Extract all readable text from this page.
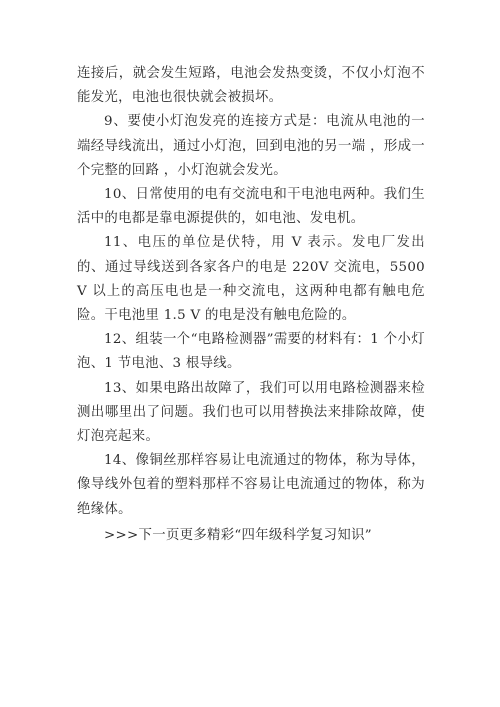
连接后，就会发生短路，电池会发热变烫，不仅小灯泡不能发光，电池也很快就会被损坏。

9、要使小灯泡发亮的连接方式是：电流从电池的一端经导线流出，通过小灯泡，回到电池的另一端 ，形成一个完整的回路 ，小灯泡就会发光。

10、日常使用的电有交流电和干电池电两种。我们生活中的电都是靠电源提供的，如电池、发电机。

11、电压的单位是伏特，用 V 表示。发电厂发出的、通过导线送到各家各户的电是 220V 交流电，5500V 以上的高压电也是一种交流电，这两种电都有触电危险。干电池里 1.5 V 的电是没有触电危险的。

12、组装一个“电路检测器”需要的材料有：1 个小灯泡、1 节电池、3 根导线。

13、如果电路出故障了，我们可以用电路检测器来检测出哪里出了问题。我们也可以用替换法来排除故障，使灯泡亮起来。

14、像铜丝那样容易让电流通过的物体，称为导体，像导线外包着的塑料那样不容易让电流通过的物体，称为绝缘体。

>>>下一页更多精彩“四年级科学复习知识”
